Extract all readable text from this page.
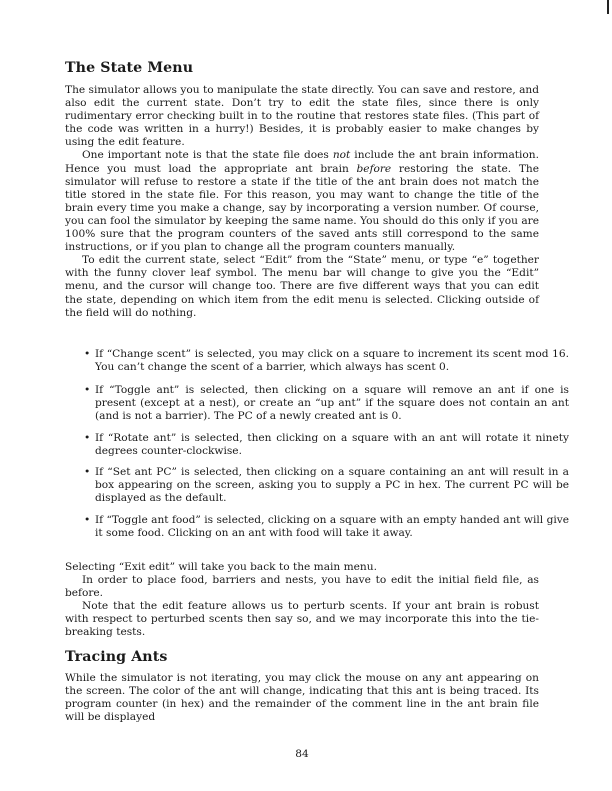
The State Menu

The simulator allows you to manipulate the state directly. You can save and restore, and also edit the current state. Don’t try to edit the state files, since there is only rudimentary error checking built in to the routine that restores state files. (This part of the code was written in a hurry!) Besides, it is probably easier to make changes by using the edit feature.

One important note is that the state file does not include the ant brain information. Hence you must load the appropriate ant brain before restoring the state. The simulator will refuse to restore a state if the title of the ant brain does not match the title stored in the state file. For this reason, you may want to change the title of the brain every time you make a change, say by incorporating a version number. Of course, you can fool the simulator by keeping the same name. You should do this only if you are 100% sure that the program counters of the saved ants still correspond to the same instructions, or if you plan to change all the program counters manually.

To edit the current state, select “Edit” from the “State” menu, or type “e” together with the funny clover leaf symbol. The menu bar will change to give you the “Edit” menu, and the cursor will change too. There are five different ways that you can edit the state, depending on which item from the edit menu is selected. Clicking outside of the field will do nothing.

• If “Change scent” is selected, you may click on a square to increment its scent mod 16. You can’t change the scent of a barrier, which always has scent 0.
• If “Toggle ant” is selected, then clicking on a square will remove an ant if one is present (except at a nest), or create an “up ant” if the square does not contain an ant (and is not a barrier). The PC of a newly created ant is 0.
• If “Rotate ant” is selected, then clicking on a square with an ant will rotate it ninety degrees counter-clockwise.
• If “Set ant PC” is selected, then clicking on a square containing an ant will result in a box appearing on the screen, asking you to supply a PC in hex. The current PC will be displayed as the default.
• If “Toggle ant food” is selected, clicking on a square with an empty handed ant will give it some food. Clicking on an ant with food will take it away.

Selecting “Exit edit” will take you back to the main menu.

In order to place food, barriers and nests, you have to edit the initial field file, as before.

Note that the edit feature allows us to perturb scents. If your ant brain is robust with respect to perturbed scents then say so, and we may incorporate this into the tie-breaking tests.

Tracing Ants

While the simulator is not iterating, you may click the mouse on any ant appearing on the screen. The color of the ant will change, indicating that this ant is being traced. Its program counter (in hex) and the remainder of the comment line in the ant brain file will be displayed

84
